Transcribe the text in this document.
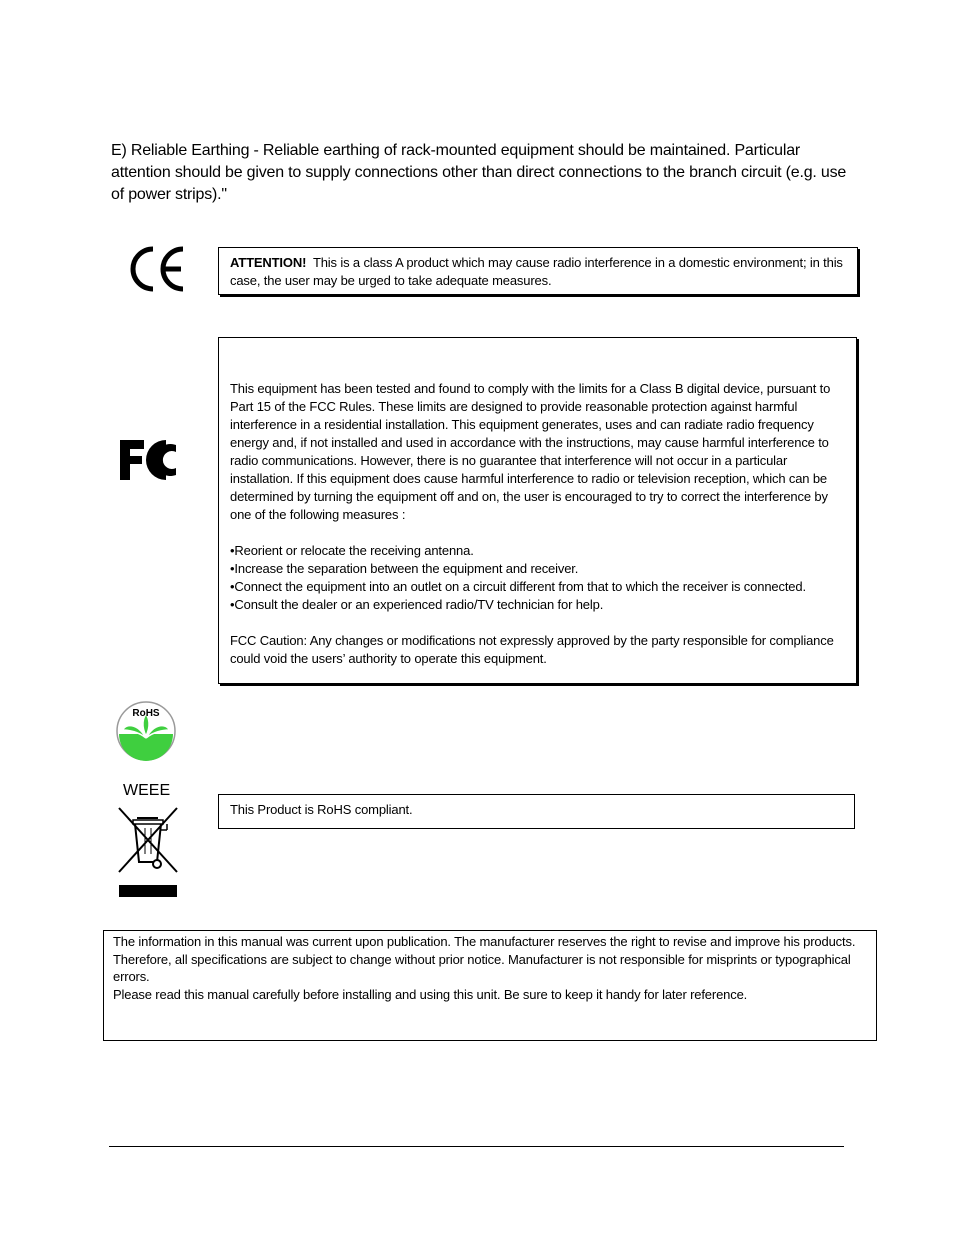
E) Reliable Earthing - Reliable earthing of rack-mounted equipment should be maintained. Particular attention should be given to supply connections other than direct connections to the branch circuit (e.g. use of power strips)."
ATTENTION!  This is a class A product which may cause radio interference in a domestic environment; in this case, the user may be urged to take adequate measures.

This equipment has been tested and found to comply with the limits for a Class B digital device, pursuant to Part 15 of the FCC Rules. These limits are designed to provide reasonable protection against harmful interference in a residential installation. This equipment generates, uses and can radiate radio frequency energy and, if not installed and used in accordance with the instructions, may cause harmful interference to radio communications. However, there is no guarantee that interference will not occur in a particular installation. If this equipment does cause harmful interference to radio or television reception, which can be determined by turning the equipment off and on, the user is encouraged to try to correct the interference by one of the following measures :

•Reorient or relocate the receiving antenna.

•Increase the separation between the equipment and receiver.

•Connect the equipment into an outlet on a circuit different from that to which the receiver is connected.

•Consult the dealer or an experienced radio/TV technician for help.

FCC Caution: Any changes or modifications not expressly approved by the party responsible for compliance could void the users’ authority to operate this equipment.

RoHS
WEEE
This Product is RoHS compliant.

The information in this manual was current upon publication. The manufacturer reserves the right to revise and improve his products. Therefore, all specifications are subject to change without prior notice. Manufacturer is not responsible for misprints or typographical errors.

Please read this manual carefully before installing and using this unit. Be sure to keep it handy for later reference.
